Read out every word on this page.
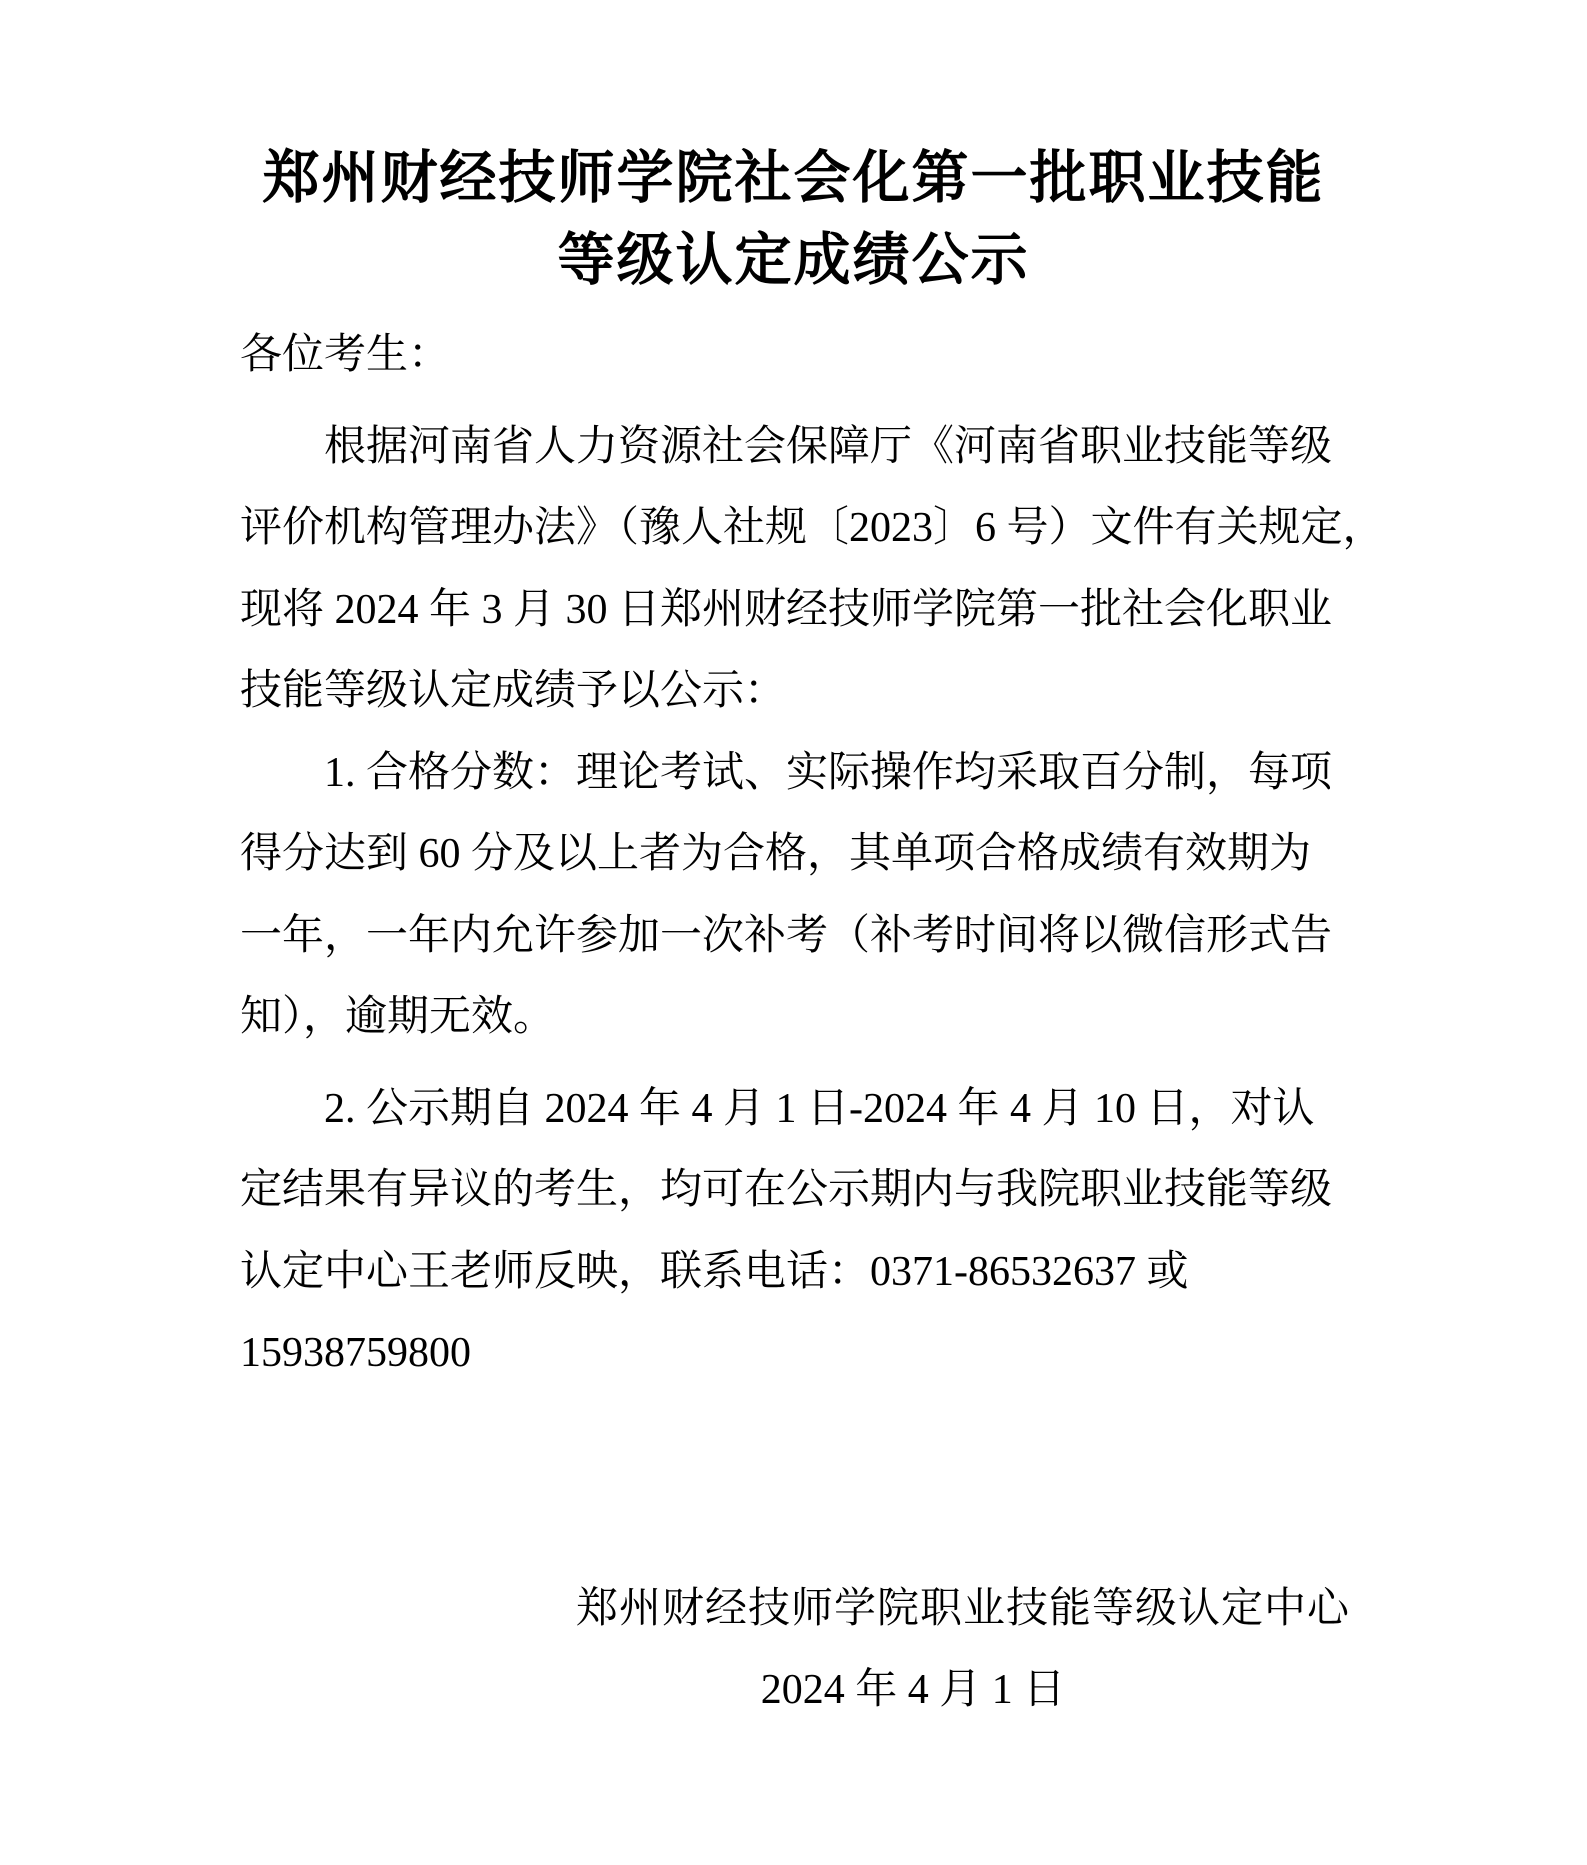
郑州财经技师学院社会化第一批职业技能
等级认定成绩公示
各位考生：
根据河南省人力资源社会保障厅《河南省职业技能等级
评价机构管理办法》（豫人社规〔2023〕6 号）文件有关规定，
现将 2024 年 3 月 30 日郑州财经技师学院第一批社会化职业
技能等级认定成绩予以公示：
1. 合格分数：理论考试、实际操作均采取百分制，每项
得分达到 60 分及以上者为合格，其单项合格成绩有效期为
一年，一年内允许参加一次补考（补考时间将以微信形式告
知），逾期无效。
2. 公示期自 2024 年 4 月 1 日-2024 年 4 月 10 日，对认
定结果有异议的考生，均可在公示期内与我院职业技能等级
认定中心王老师反映，联系电话：0371-86532637 或
15938759800
郑州财经技师学院职业技能等级认定中心
2024 年 4 月 1 日
